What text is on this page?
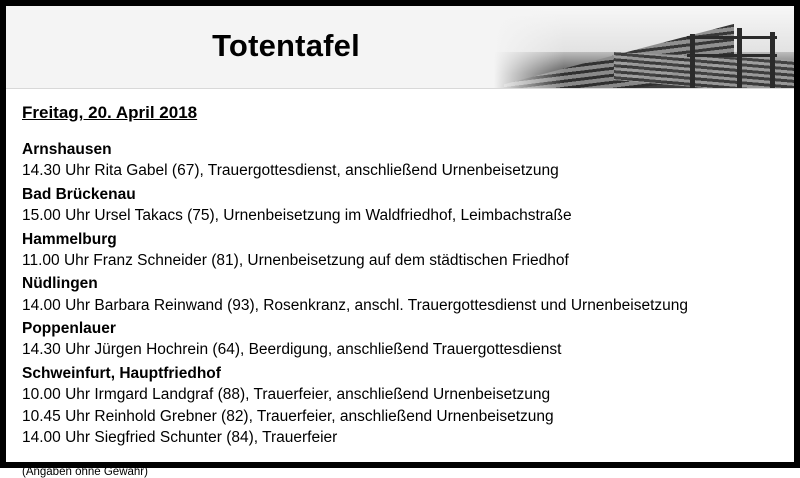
Totentafel
Freitag, 20. April 2018
Arnshausen
14.30 Uhr Rita Gabel (67), Trauergottesdienst, anschließend Urnenbeisetzung
Bad Brückenau
15.00 Uhr Ursel Takacs (75), Urnenbeisetzung im Waldfriedhof, Leimbachstraße
Hammelburg
11.00 Uhr Franz Schneider (81), Urnenbeisetzung auf dem städtischen Friedhof
Nüdlingen
14.00 Uhr Barbara Reinwand (93), Rosenkranz, anschl. Trauergottesdienst und Urnenbeisetzung
Poppenlauer
14.30 Uhr Jürgen Hochrein (64), Beerdigung, anschließend Trauergottesdienst
Schweinfurt, Hauptfriedhof
10.00 Uhr Irmgard Landgraf (88), Trauerfeier, anschließend Urnenbeisetzung
10.45 Uhr Reinhold Grebner (82), Trauerfeier, anschließend Urnenbeisetzung
14.00 Uhr Siegfried Schunter (84), Trauerfeier
(Angaben ohne Gewähr)
